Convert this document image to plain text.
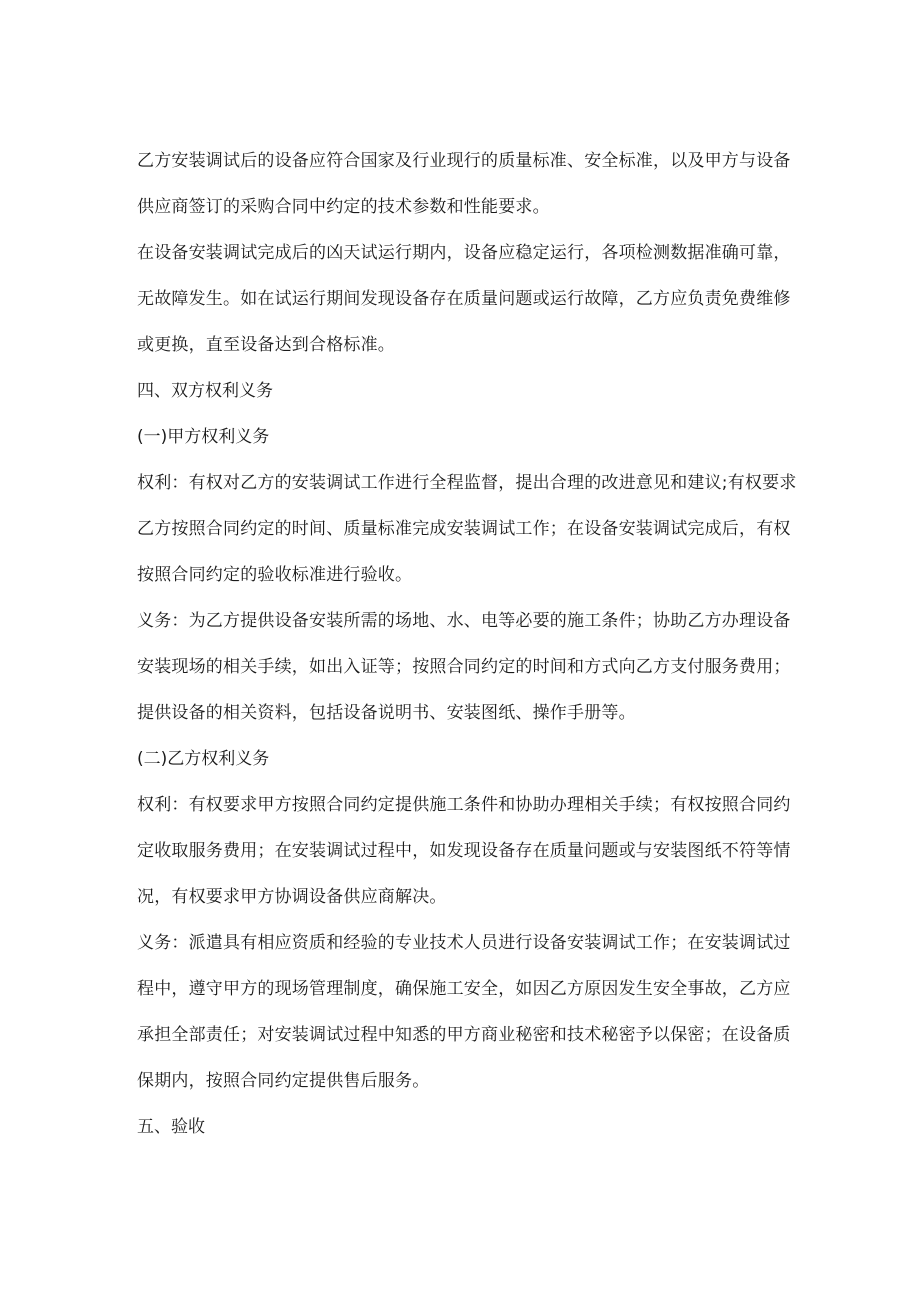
乙方安装调试后的设备应符合国家及行业现行的质量标准、安全标准，以及甲方与设备
供应商签订的采购合同中约定的技术参数和性能要求。
在设备安装调试完成后的凶天试运行期内，设备应稳定运行，各项检测数据准确可靠，
无故障发生。如在试运行期间发现设备存在质量问题或运行故障，乙方应负责免费维修
或更换，直至设备达到合格标准。
四、双方权利义务
(一)甲方权利义务
权利：有权对乙方的安装调试工作进行全程监督，提出合理的改进意见和建议;有权要求
乙方按照合同约定的时间、质量标准完成安装调试工作；在设备安装调试完成后，有权
按照合同约定的验收标准进行验收。
义务：为乙方提供设备安装所需的场地、水、电等必要的施工条件；协助乙方办理设备
安装现场的相关手续，如出入证等；按照合同约定的时间和方式向乙方支付服务费用；
提供设备的相关资料，包括设备说明书、安装图纸、操作手册等。
(二)乙方权利义务
权利：有权要求甲方按照合同约定提供施工条件和协助办理相关手续；有权按照合同约
定收取服务费用；在安装调试过程中，如发现设备存在质量问题或与安装图纸不符等情
况，有权要求甲方协调设备供应商解决。
义务：派遣具有相应资质和经验的专业技术人员进行设备安装调试工作；在安装调试过
程中，遵守甲方的现场管理制度，确保施工安全，如因乙方原因发生安全事故，乙方应
承担全部责任；对安装调试过程中知悉的甲方商业秘密和技术秘密予以保密；在设备质
保期内，按照合同约定提供售后服务。
五、验收
